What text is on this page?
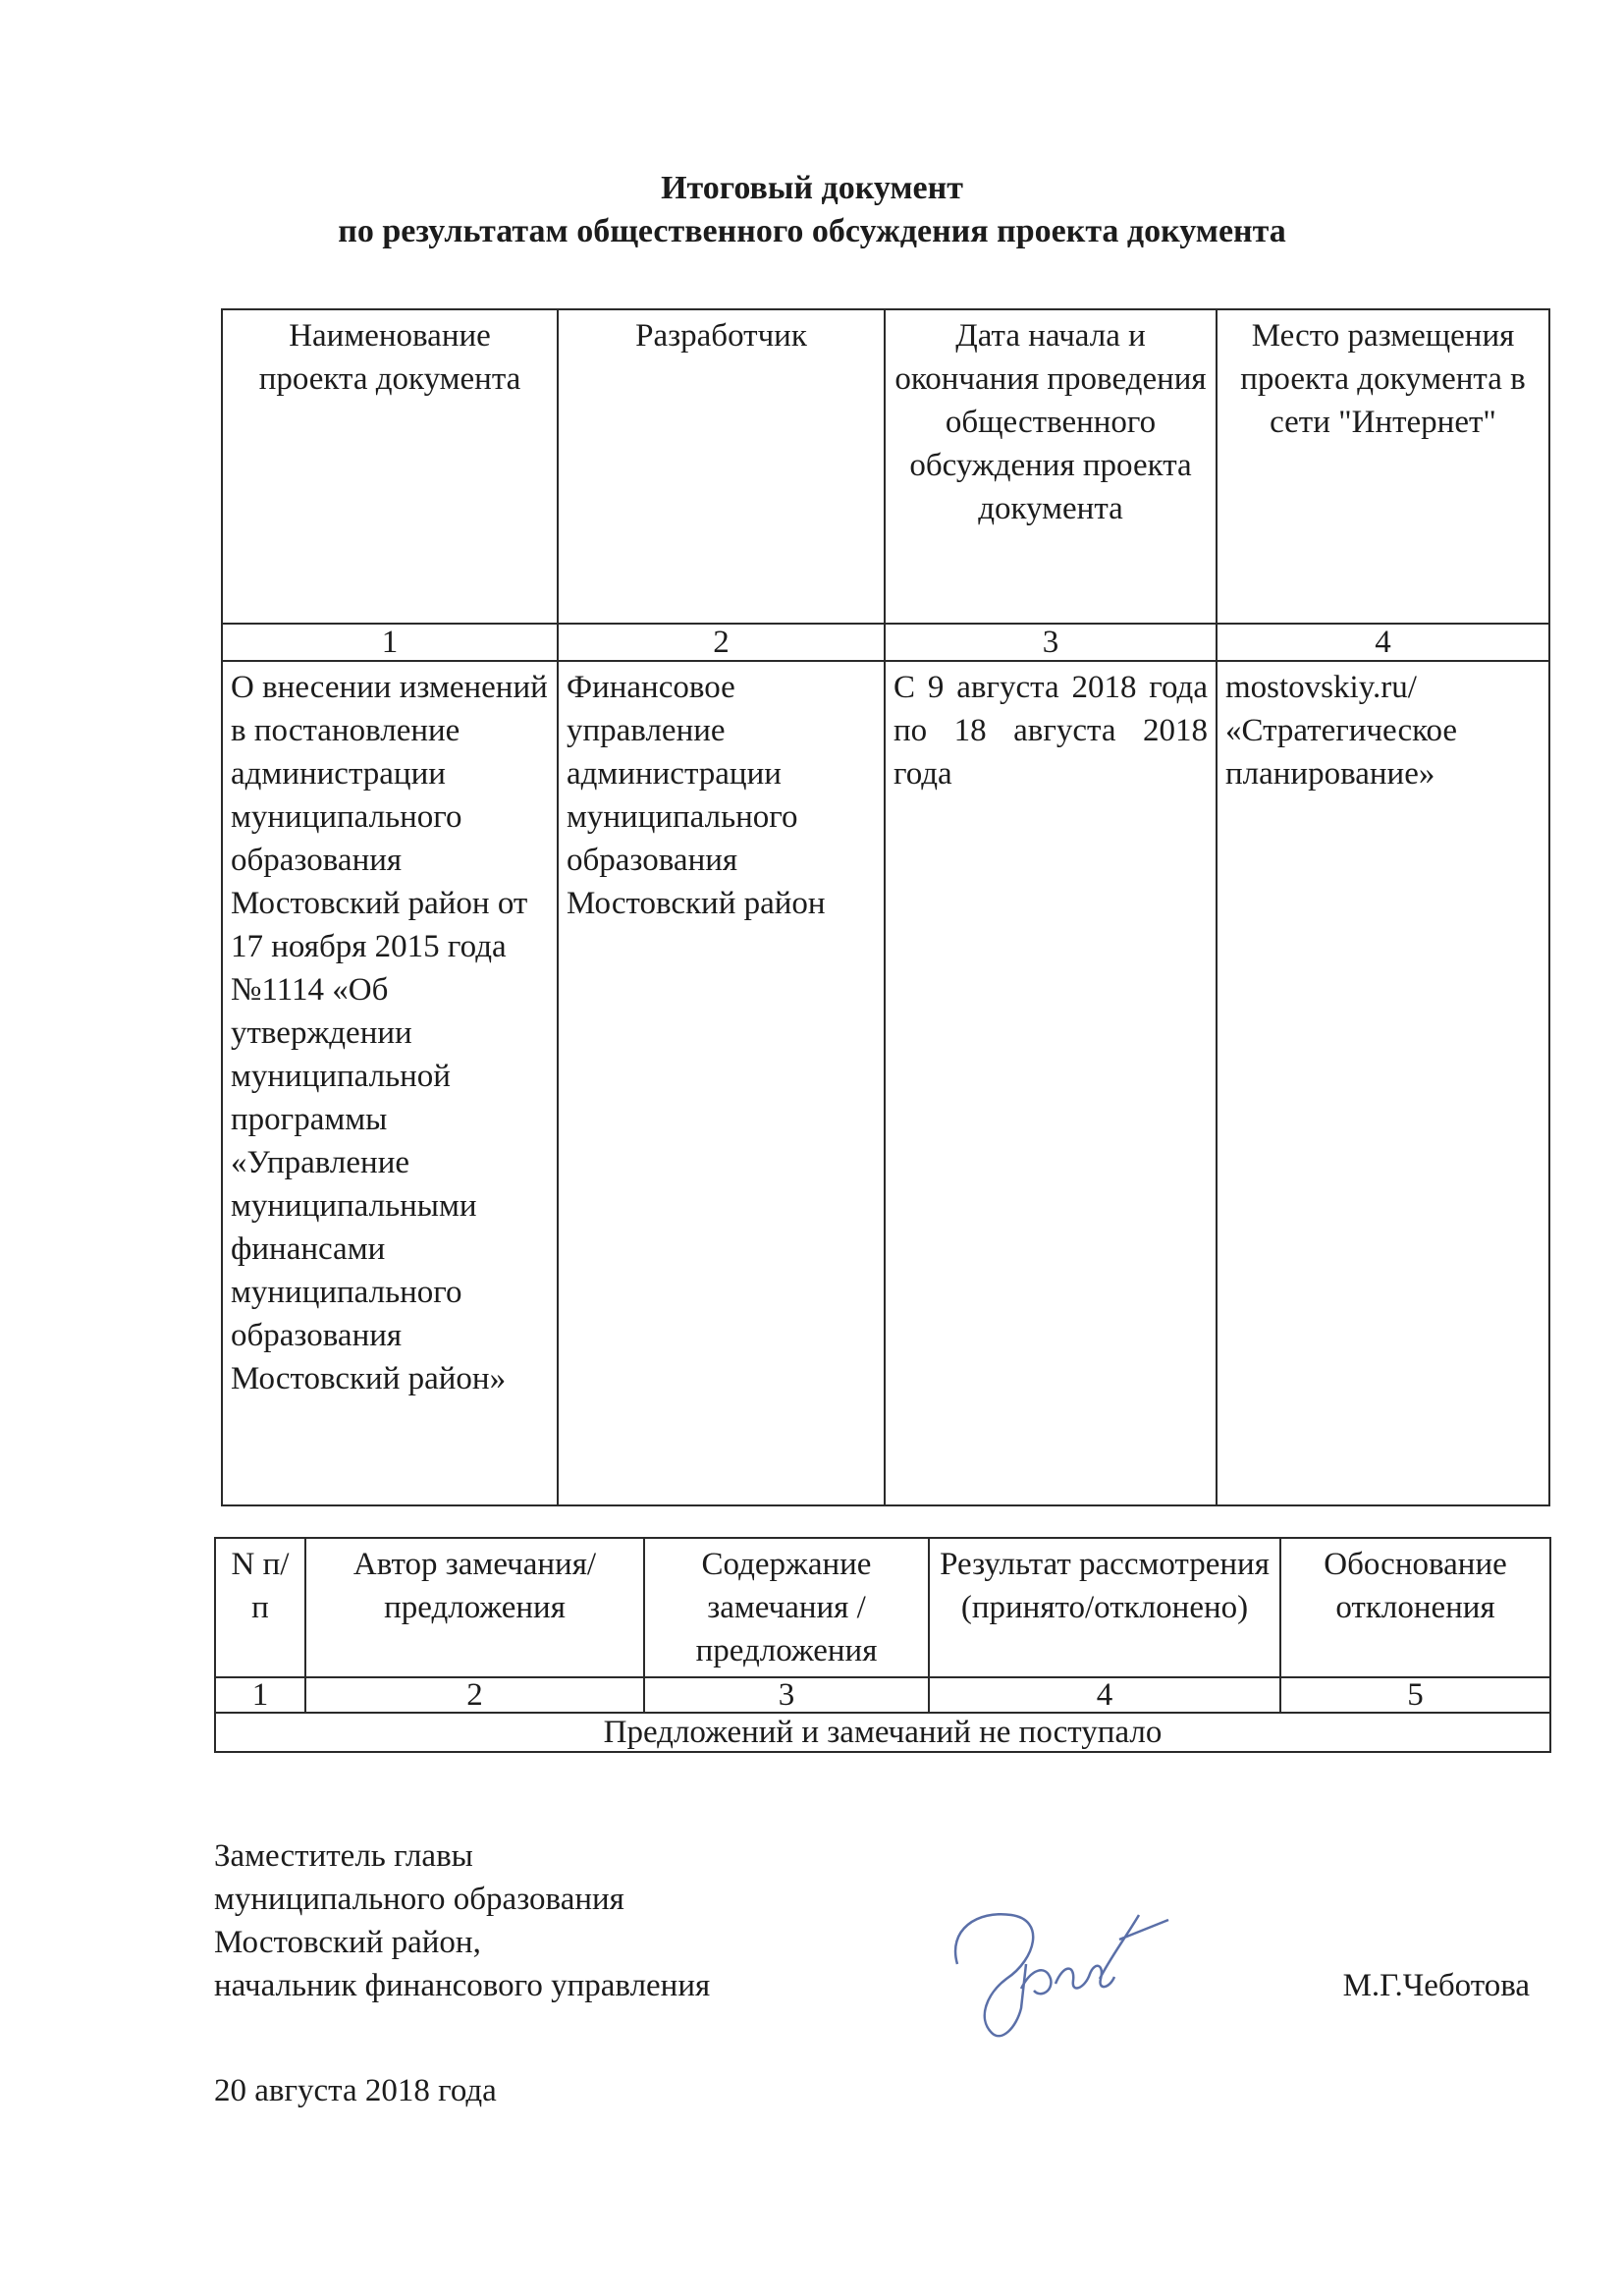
Итоговый документ
по результатам общественного обсуждения проекта документа
Наименование проекта документа	Разработчик	Дата начала и окончания проведения общественного обсуждения проекта документа	Место размещения проекта документа в сети "Интернет"
1	2	3	4
О внесении изменений в постановление администрации муниципального образования Мостовский район от 17 ноября 2015 года №1114 «Об утверждении муниципальной программы «Управление муниципальными финансами муниципального образования Мостовский район»	Финансовое управление администрации муниципального образования Мостовский район	С 9 августа 2018 года по 18 августа 2018 года	mostovskiy.ru/ «Стратегическое планирование»
N п/п	Автор замечания/ предложения	Содержание замечания / предложения	Результат рассмотрения (принято/отклонено)	Обоснование отклонения
1	2	3	4	5
Предложений и замечаний не поступало				
Заместитель главы
муниципального образования
Мостовский район,
начальник финансового управления	М.Г.Чеботова
20 августа 2018 года
